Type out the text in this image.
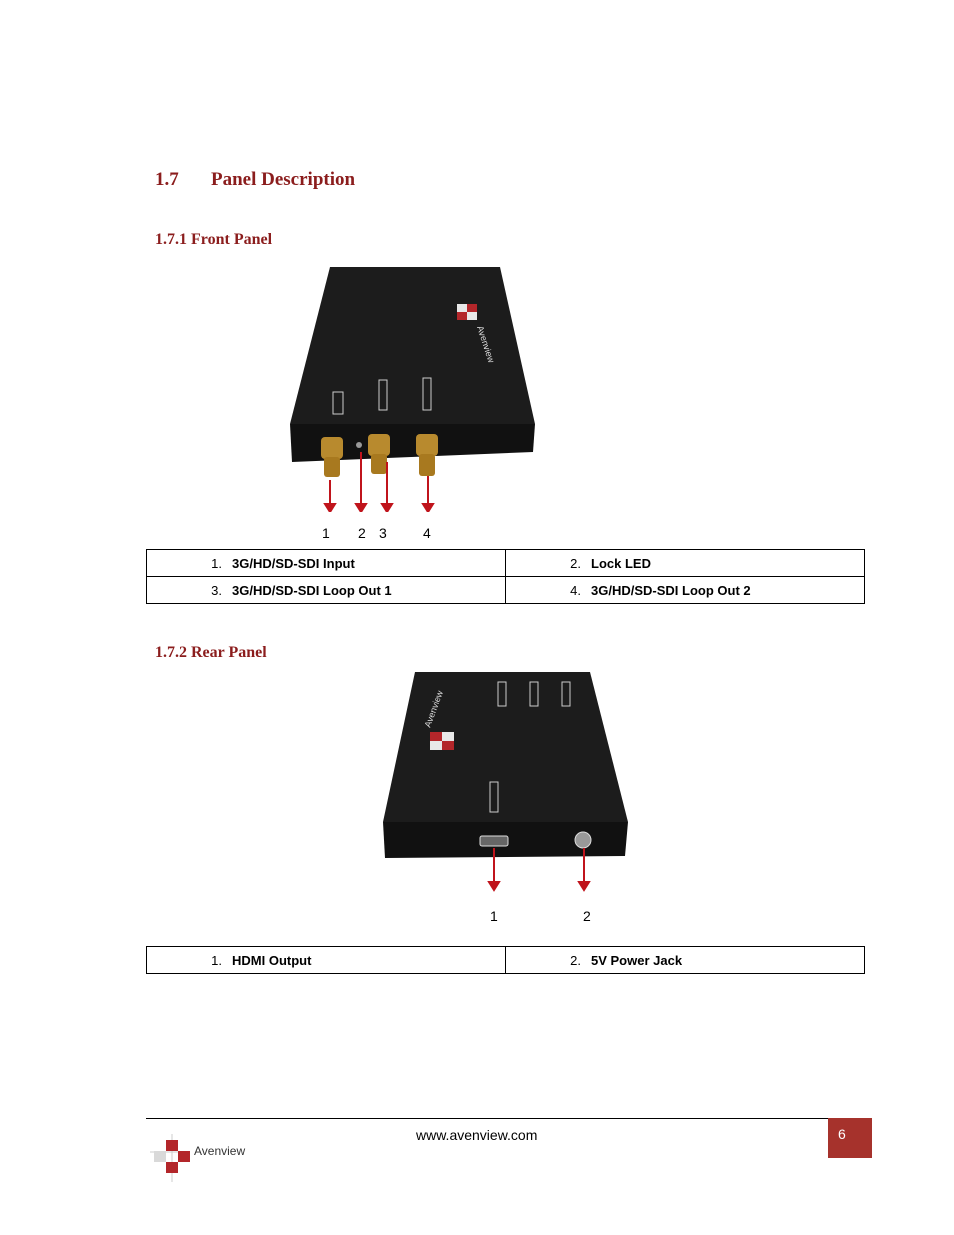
1.7 Panel Description
1.7.1 Front Panel
Avenview
1 2 3	4
1. 3G/HD/SD-SDI Input	2. Lock LED
3. 3G/HD/SD-SDI Loop Out 1	4. 3G/HD/SD-SDI Loop Out 2
1.7.2 Rear Panel
Avenview
1	2
1. HDMI Output	2. 5V Power Jack
www.avenview.com	6
Avenview
